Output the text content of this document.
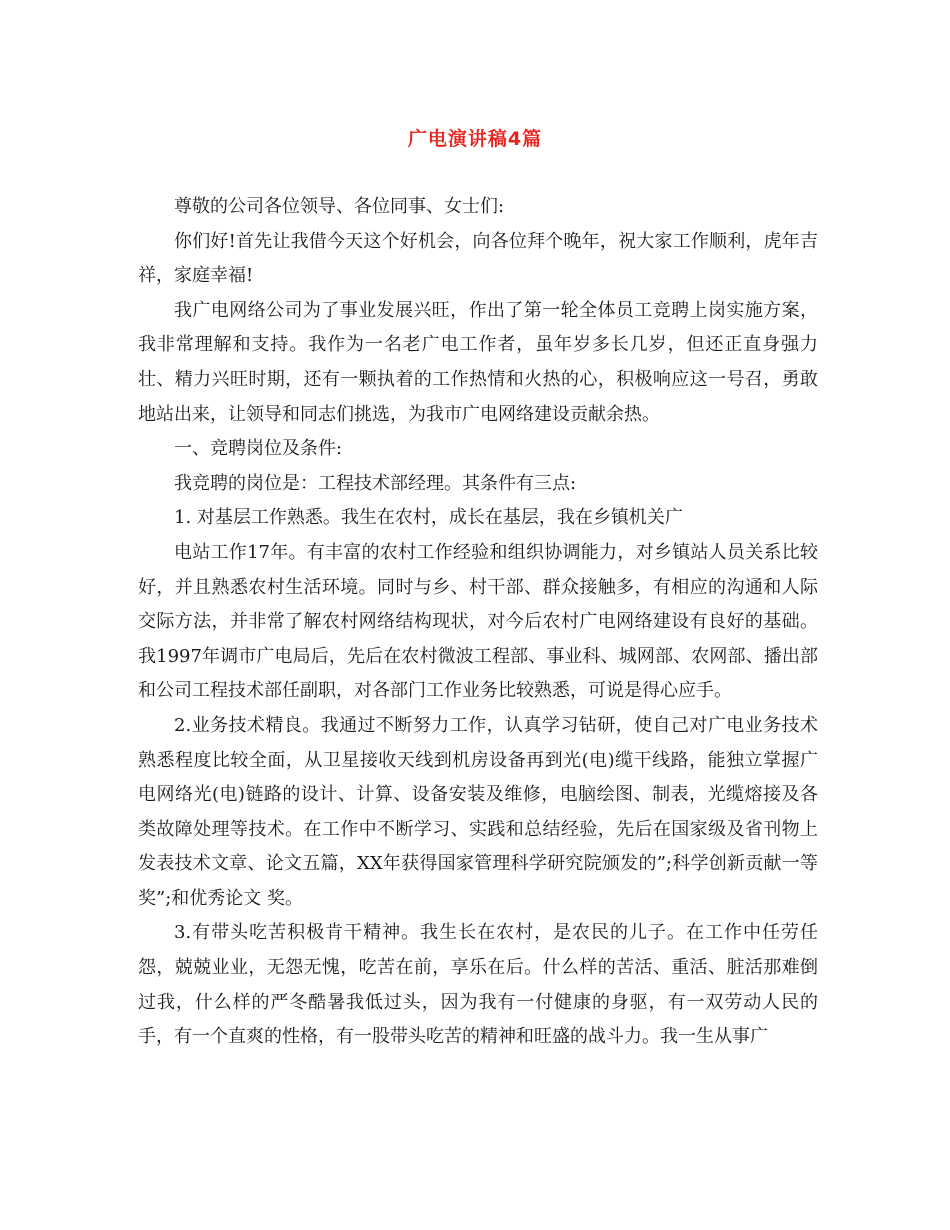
广电演讲稿4篇

尊敬的公司各位领导、各位同事、女士们:

你们好!首先让我借今天这个好机会，向各位拜个晚年，祝大家工作顺利，虎年吉祥，家庭幸福!

我广电网络公司为了事业发展兴旺，作出了第一轮全体员工竞聘上岗实施方案，我非常理解和支持。我作为一名老广电工作者，虽年岁多长几岁，但还正直身强力壮、精力兴旺时期，还有一颗执着的工作热情和火热的心，积极响应这一号召，勇敢地站出来，让领导和同志们挑选，为我市广电网络建设贡献余热。

一、竞聘岗位及条件:

我竞聘的岗位是：工程技术部经理。其条件有三点:

1. 对基层工作熟悉。我生在农村，成长在基层，我在乡镇机关广

电站工作17年。有丰富的农村工作经验和组织协调能力，对乡镇站人员关系比较好，并且熟悉农村生活环境。同时与乡、村干部、群众接触多，有相应的沟通和人际交际方法，并非常了解农村网络结构现状，对今后农村广电网络建设有良好的基础。我1997年调市广电局后，先后在农村微波工程部、事业科、城网部、农网部、播出部和公司工程技术部任副职，对各部门工作业务比较熟悉，可说是得心应手。

2.业务技术精良。我通过不断努力工作，认真学习钻研，使自己对广电业务技术熟悉程度比较全面，从卫星接收天线到机房设备再到光(电)缆干线路，能独立掌握广电网络光(电)链路的设计、计算、设备安装及维修，电脑绘图、制表，光缆熔接及各类故障处理等技术。在工作中不断学习、实践和总结经验，先后在国家级及省刊物上发表技术文章、论文五篇，XX年获得国家管理科学研究院颁发的”;科学创新贡献一等奖”;和优秀论文 奖。

3.有带头吃苦积极肯干精神。我生长在农村，是农民的儿子。在工作中任劳任怨，兢兢业业，无怨无愧，吃苦在前，享乐在后。什么样的苦活、重活、脏活那难倒过我，什么样的严冬酷暑我低过头，因为我有一付健康的身驱，有一双劳动人民的手，有一个直爽的性格，有一股带头吃苦的精神和旺盛的战斗力。我一生从事广
